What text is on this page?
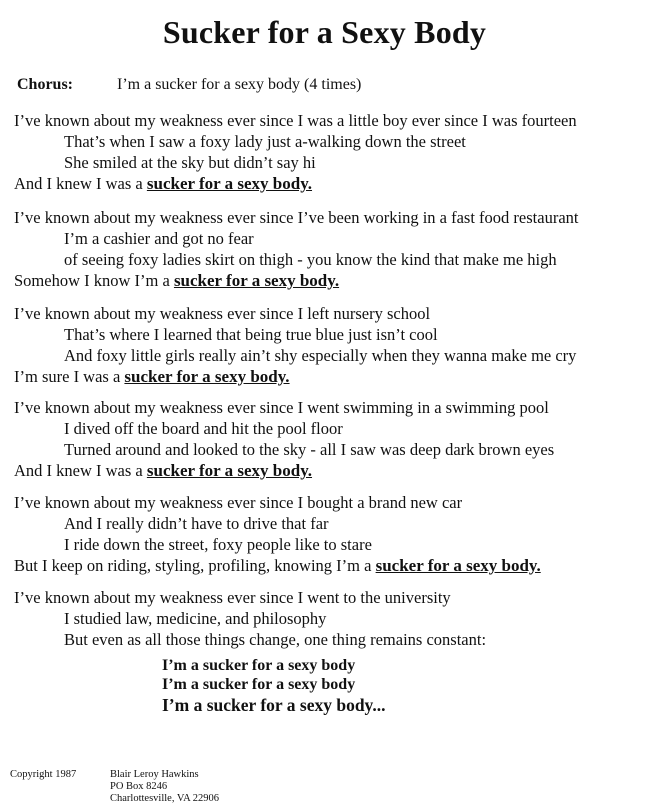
Sucker for a Sexy Body
Chorus:	I’m a sucker for a sexy body (4 times)
I’ve known about my weakness ever since I was a little boy ever since I was fourteen
That’s when I saw a foxy lady just a-walking down the street
She smiled at the sky but didn’t say hi
And I knew I was a sucker for a sexy body.
I’ve known about my weakness ever since I’ve been working in a fast food restaurant
I’m a cashier and got no fear
of seeing foxy ladies skirt on thigh - you know the kind that make me high
Somehow I know I’m a sucker for a sexy body.
I’ve known about my weakness ever since I left nursery school
That’s where I learned that being true blue just isn’t cool
And foxy little girls really ain’t shy especially when they wanna make me cry
I’m sure I was a sucker for a sexy body.
I’ve known about my weakness ever since I went swimming in a swimming pool
I dived off the board and hit the pool floor
Turned around and looked to the sky - all I saw was deep dark brown eyes
And I knew I was a sucker for a sexy body.
I’ve known about my weakness ever since I bought a brand new car
And I really didn’t have to drive that far
I ride down the street, foxy people like to stare
But I keep on riding, styling, profiling, knowing I’m a sucker for a sexy body.
I’ve known about my weakness ever since I went to the university
I studied law, medicine, and philosophy
But even as all those things change, one thing remains constant:
I’m a sucker for a sexy body
I’m a sucker for a sexy body
I’m a sucker for a sexy body...
Copyright 1987	Blair Leroy Hawkins
PO Box 8246
Charlottesville, VA 22906
